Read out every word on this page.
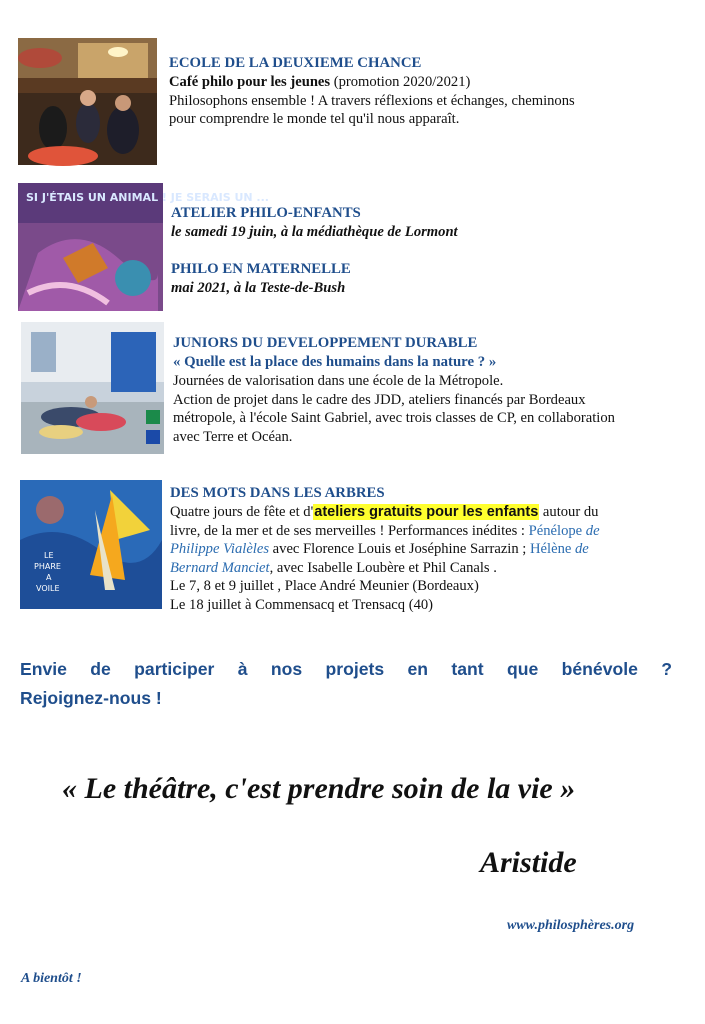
ECOLE DE LA DEUXIEME CHANCE
Café philo pour les jeunes (promotion 2020/2021)
Philosophons ensemble ! A travers réflexions et échanges, cheminons
pour comprendre le monde tel qu'il nous apparaît.
SI J'ÉTAIS UN ANIMAL ! JE SERAIS UN ...
ATELIER PHILO-ENFANTS
le samedi 19 juin, à la médiathèque de Lormont
PHILO EN MATERNELLE
mai 2021, à la Teste-de-Bush
JUNIORS DU DEVELOPPEMENT DURABLE
« Quelle est la place des humains dans la nature ? »
Journées de valorisation dans une école de la Métropole.
Action de projet dans le cadre des JDD, ateliers financés par Bordeaux
métropole, à l'école Saint Gabriel, avec trois classes de CP, en collaboration
avec Terre et Océan.
LE
PHARE
A
VOILE
DES MOTS DANS LES ARBRES
Quatre jours de fête et d'ateliers gratuits pour les enfants autour du
livre, de la mer et de ses merveilles ! Performances inédites : Pénélope de
Philippe Vialèles avec Florence Louis et Joséphine Sarrazin ; Hélène de
Bernard Manciet, avec Isabelle Loubère et Phil Canals .
Le 7, 8 et 9 juillet , Place André Meunier (Bordeaux)
Le 18 juillet à Commensacq et Trensacq (40)
Envie de participer à nos projets en tant que bénévole ?
Rejoignez-nous !
« Le théâtre, c'est prendre soin de la vie »
Aristide
www.philosphères.org
A bientôt !
